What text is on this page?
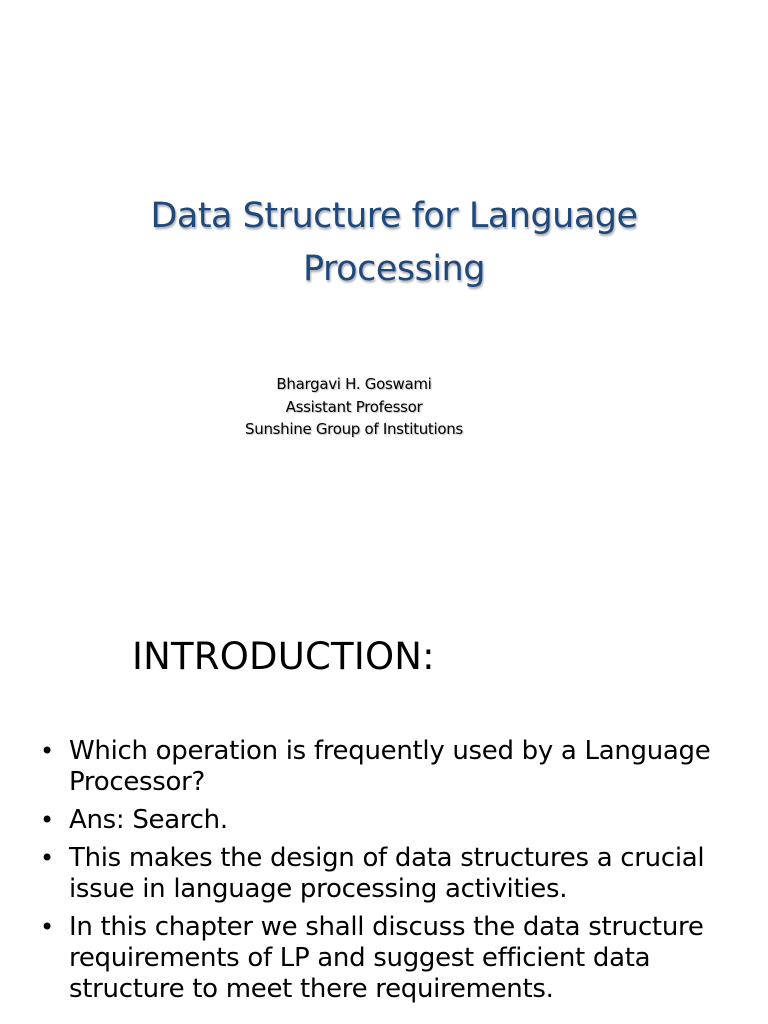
Data Structure for Language
Processing
Bhargavi H. Goswami
Assistant Professor
Sunshine Group of Institutions
INTRODUCTION:
• Which operation is frequently used by a Language Processor?
• Ans: Search.
• This makes the design of data structures a crucial issue in language processing activities.
• In this chapter we shall discuss the data structure requirements of LP and suggest efficient data structure to meet there requirements.
